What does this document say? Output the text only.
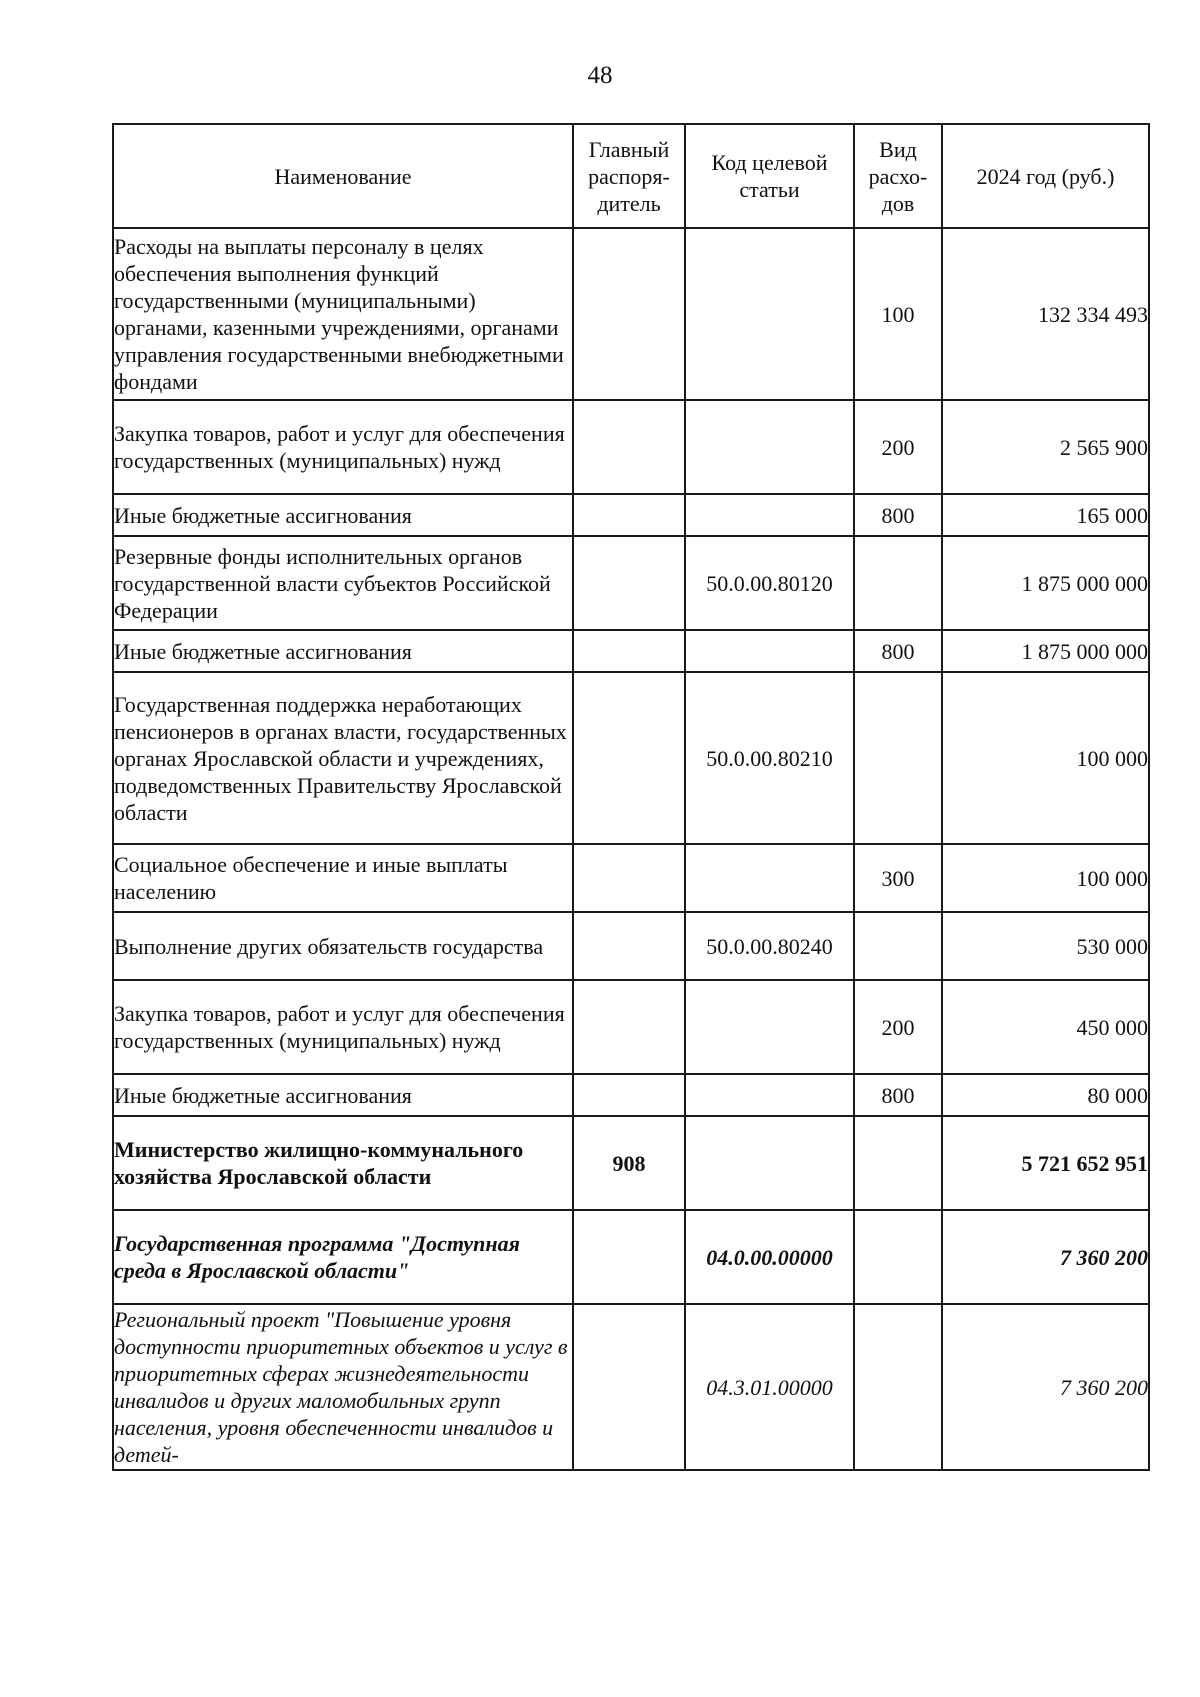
48
Наименование	Главный распоря- дитель	Код целевой статьи	Вид расхо- дов	2024 год (руб.)
Расходы на выплаты персоналу в целях обеспечения выполнения функций государственными (муниципальными) органами, казенными учреждениями, органами управления государственными внебюджетными фондами			100	132 334 493
Закупка товаров, работ и услуг для обеспечения государственных (муниципальных) нужд			200	2 565 900
Иные бюджетные ассигнования			800	165 000
Резервные фонды исполнительных органов государственной власти субъектов Российской Федерации		50.0.00.80120		1 875 000 000
Иные бюджетные ассигнования			800	1 875 000 000
Государственная поддержка неработающих пенсионеров в органах власти, государственных органах Ярославской области и учреждениях, подведомственных Правительству Ярославской области		50.0.00.80210		100 000
Социальное обеспечение и иные выплаты населению			300	100 000
Выполнение других обязательств государства		50.0.00.80240		530 000
Закупка товаров, работ и услуг для обеспечения государственных (муниципальных) нужд			200	450 000
Иные бюджетные ассигнования			800	80 000
Министерство жилищно-коммунального хозяйства Ярославской области	908			5 721 652 951
Государственная программа "Доступная среда в Ярославской области"		04.0.00.00000		7 360 200
Региональный проект "Повышение уровня доступности приоритетных объектов и услуг в приоритетных сферах жизнедеятельности инвалидов и других маломобильных групп населения, уровня обеспеченности инвалидов и детей-		04.3.01.00000		7 360 200
